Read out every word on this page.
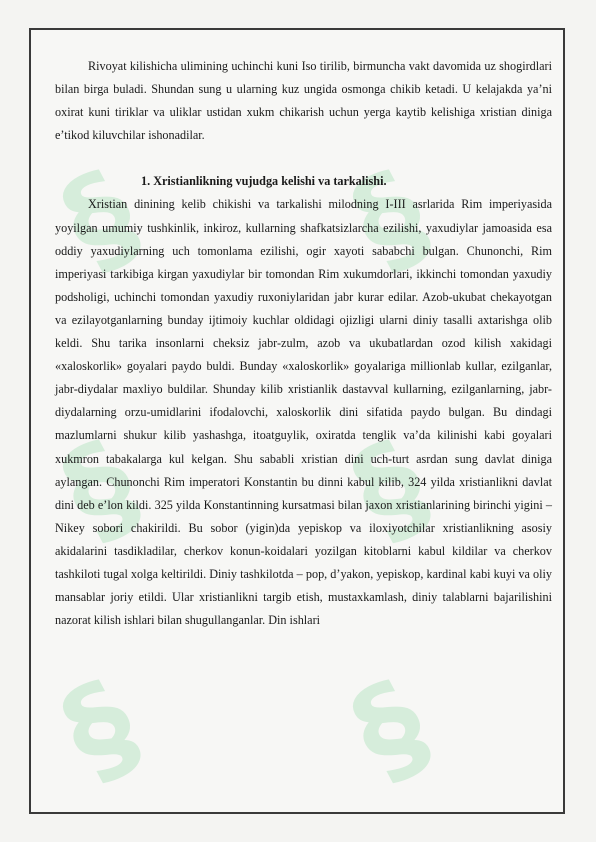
§ §
§ §
§ §

Rivoyat kilishicha ulimining uchinchi kuni Iso tirilib, birmuncha vakt davomida uz shogirdlari bilan birga buladi. Shundan sung u ularning kuz ungida osmonga chikib ketadi. U kelajakda ya’ni oxirat kuni tiriklar va uliklar ustidan xukm chikarish uchun yerga kaytib kelishiga xristian diniga e’tikod kiluvchilar ishonadilar.

1. Xristianlikning vujudga kelishi va tarkalishi.

Xristian dinining kelib chikishi va tarkalishi milodning I-III asrlarida Rim imperiyasida yoyilgan umumiy tushkinlik, inkiroz, kullarning shafkatsizlarcha ezilishi, yaxudiylar jamoasida esa oddiy yaxudiylarning uch tomonlama ezilishi, ogir xayoti sababchi bulgan. Chunonchi, Rim imperiyasi tarkibiga kirgan yaxudiylar bir tomondan Rim xukumdorlari, ikkinchi tomondan yaxudiy podsholigi, uchinchi tomondan yaxudiy ruxoniylaridan jabr kurar edilar. Azob-ukubat chekayotgan va ezilayotganlarning bunday ijtimoiy kuchlar oldidagi ojizligi ularni diniy tasalli axtarishga olib keldi. Shu tarika insonlarni cheksiz jabr-zulm, azob va ukubatlardan ozod kilish xakidagi «xaloskorlik» goyalari paydo buldi. Bunday «xaloskorlik» goyalariga millionlab kullar, ezilganlar, jabr-diydalar maxliyo buldilar. Shunday kilib xristianlik dastavval kullarning, ezilganlarning, jabr-diydalarning orzu-umidlarini ifodalovchi, xaloskorlik dini sifatida paydo bulgan. Bu dindagi mazlumlarni shukur kilib yashashga, itoatguylik, oxiratda tenglik va’da kilinishi kabi goyalari xukmron tabakalarga kul kelgan. Shu sababli xristian dini uch-turt asrdan sung davlat diniga aylangan. Chunonchi Rim imperatori Konstantin bu dinni kabul kilib, 324 yilda xristianlikni davlat dini deb e’lon kildi. 325 yilda Konstantinning kursatmasi bilan jaxon xristianlarining birinchi yigini – Nikey sobori chakirildi. Bu sobor (yigin)da yepiskop va iloxiyotchilar xristianlikning asosiy akidalarini tasdikladilar, cherkov konun-koidalari yozilgan kitoblarni kabul kildilar va cherkov tashkiloti tugal xolga keltirildi. Diniy tashkilotda – pop, d’yakon, yepiskop, kardinal kabi kuyi va oliy mansablar joriy etildi. Ular xristianlikni targib etish, mustaxkamlash, diniy talablarni bajarilishini nazorat kilish ishlari bilan shugullanganlar. Din ishlari
